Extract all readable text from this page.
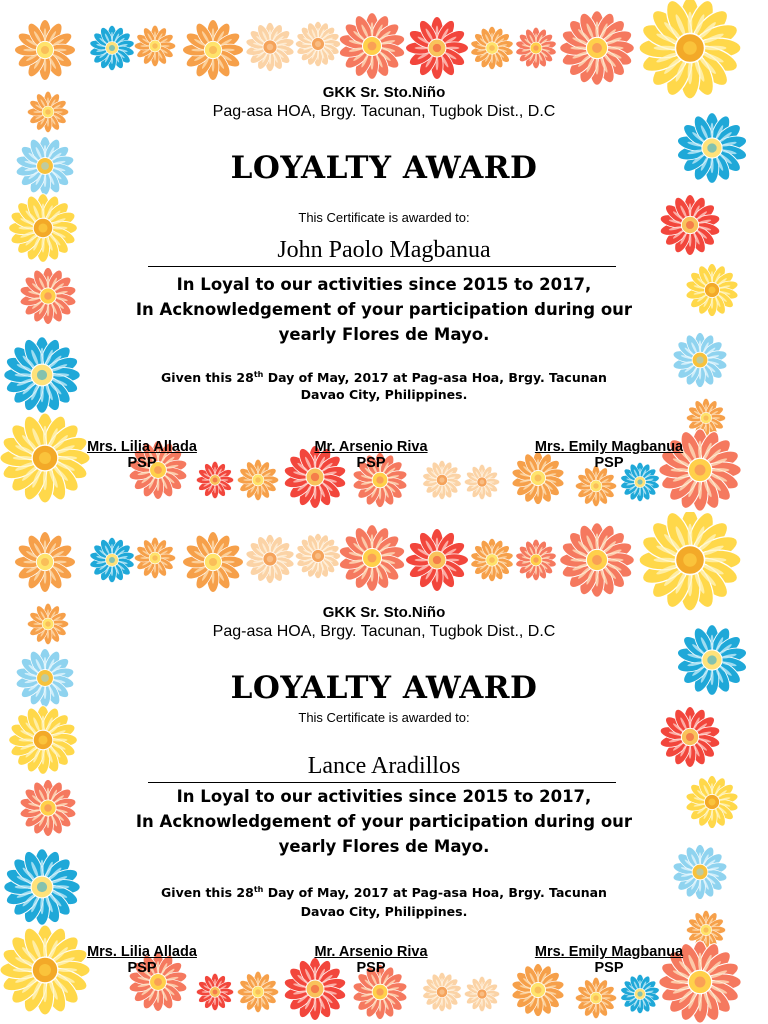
GKK Sr. Sto.Niño
Pag-asa HOA, Brgy. Tacunan, Tugbok Dist., D.C
LOYALTY AWARD
This Certificate is awarded to:
John Paolo Magbanua
In Loyal to our activities since 2015 to 2017,
In Acknowledgement of your participation during our
yearly Flores de Mayo.
Given this 28th Day of May, 2017 at Pag-asa Hoa, Brgy. Tacunan
Davao City, Philippines.
Mrs. Lilia Allada
PSP
Mr. Arsenio Riva
PSP
Mrs. Emily Magbanua
PSP
GKK Sr. Sto.Niño
Pag-asa HOA, Brgy. Tacunan, Tugbok Dist., D.C
LOYALTY AWARD
This Certificate is awarded to:
Lance Aradillos
In Loyal to our activities since 2015 to 2017,
In Acknowledgement of your participation during our
yearly Flores de Mayo.
Given this 28th Day of May, 2017 at Pag-asa Hoa, Brgy. Tacunan
Davao City, Philippines.
Mrs. Lilia Allada
PSP
Mr. Arsenio Riva
PSP
Mrs. Emily Magbanua
PSP
